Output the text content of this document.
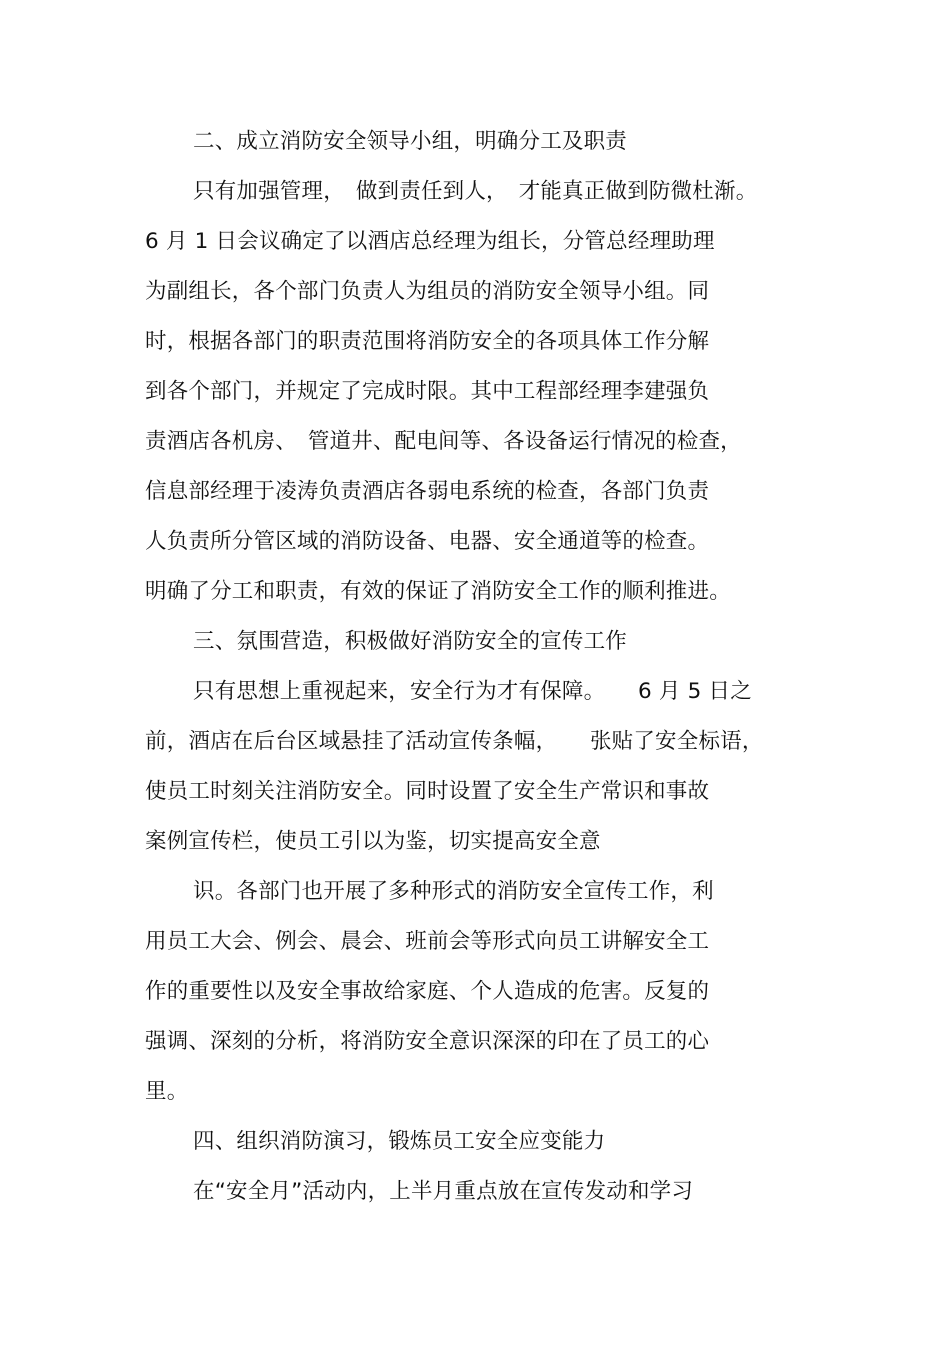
二、成立消防安全领导小组，明确分工及职责
只有加强管理，　做到责任到人，　才能真正做到防微杜渐。
6 月 1 日会议确定了以酒店总经理为组长，分管总经理助理
为副组长，各个部门负责人为组员的消防安全领导小组。同
时，根据各部门的职责范围将消防安全的各项具体工作分解
到各个部门，并规定了完成时限。其中工程部经理李建强负
责酒店各机房、　管道井、配电间等、各设备运行情况的检查，
信息部经理于凌涛负责酒店各弱电系统的检查，各部门负责
人负责所分管区域的消防设备、电器、安全通道等的检查。
明确了分工和职责，有效的保证了消防安全工作的顺利推进。
三、氛围营造，积极做好消防安全的宣传工作
只有思想上重视起来，安全行为才有保障。　　6 月 5 日之
前，酒店在后台区域悬挂了活动宣传条幅，　　张贴了安全标语，
使员工时刻关注消防安全。同时设置了安全生产常识和事故
案例宣传栏，使员工引以为鉴，切实提高安全意
识。各部门也开展了多种形式的消防安全宣传工作，利
用员工大会、例会、晨会、班前会等形式向员工讲解安全工
作的重要性以及安全事故给家庭、个人造成的危害。反复的
强调、深刻的分析，将消防安全意识深深的印在了员工的心
里。
四、组织消防演习，锻炼员工安全应变能力
在“安全月”活动内，上半月重点放在宣传发动和学习
